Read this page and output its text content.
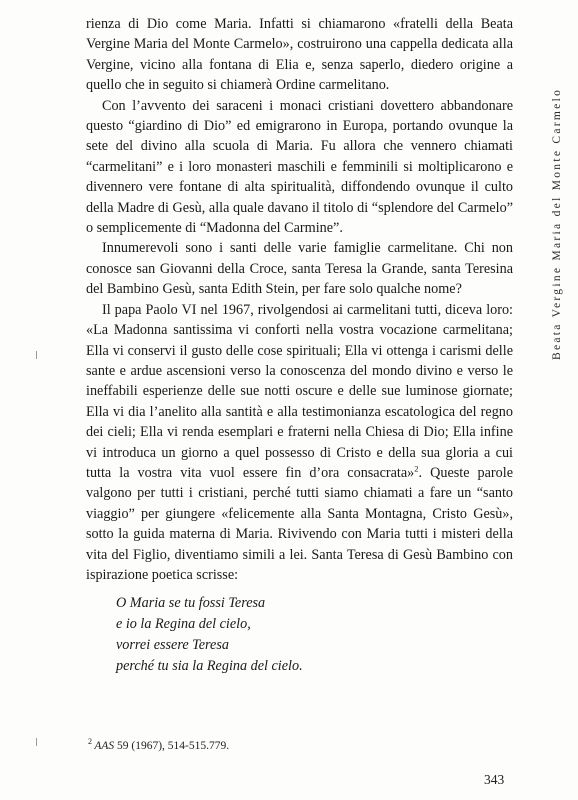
Beata Vergine Maria del Monte Carmelo

rienza di Dio come Maria. Infatti si chiamarono «fratelli della Beata Vergine Maria del Monte Carmelo», costruirono una cappella dedicata alla Vergine, vicino alla fontana di Elia e, senza saperlo, diedero origine a quello che in seguito si chiamerà Ordine carmelitano.

Con l’avvento dei saraceni i monaci cristiani dovettero abbandonare questo “giardino di Dio” ed emigrarono in Europa, portando ovunque la sete del divino alla scuola di Maria. Fu allora che vennero chiamati “carmelitani” e i loro monasteri maschili e femminili si moltiplicarono e divennero vere fontane di alta spiritualità, diffondendo ovunque il culto della Madre di Gesù, alla quale davano il titolo di “splendore del Carmelo” o semplicemente di “Madonna del Carmine”.

Innumerevoli sono i santi delle varie famiglie carmelitane. Chi non conosce san Giovanni della Croce, santa Teresa la Grande, santa Teresina del Bambino Gesù, santa Edith Stein, per fare solo qualche nome?

Il papa Paolo VI nel 1967, rivolgendosi ai carmelitani tutti, diceva loro: «La Madonna santissima vi conforti nella vostra vocazione carmelitana; Ella vi conservi il gusto delle cose spirituali; Ella vi ottenga i carismi delle sante e ardue ascensioni verso la conoscenza del mondo divino e verso le ineffabili esperienze delle sue notti oscure e delle sue luminose giornate; Ella vi dia l’anelito alla santità e alla testimonianza escatologica del regno dei cieli; Ella vi renda esemplari e fraterni nella Chiesa di Dio; Ella infine vi introduca un giorno a quel possesso di Cristo e della sua gloria a cui tutta la vostra vita vuol essere fin d’ora consacrata»$^2$. Queste parole valgono per tutti i cristiani, perché tutti siamo chiamati a fare un “santo viaggio” per giungere «felicemente alla Santa Montagna, Cristo Gesù», sotto la guida materna di Maria. Rivivendo con Maria tutti i misteri della vita del Figlio, diventiamo simili a lei. Santa Teresa di Gesù Bambino con ispirazione poetica scrisse:

O Maria se tu fossi Teresa
e io la Regina del cielo,
vorrei essere Teresa
perché tu sia la Regina del cielo.
$^2$  AAS 59 (1967), 514-515.779.
343
